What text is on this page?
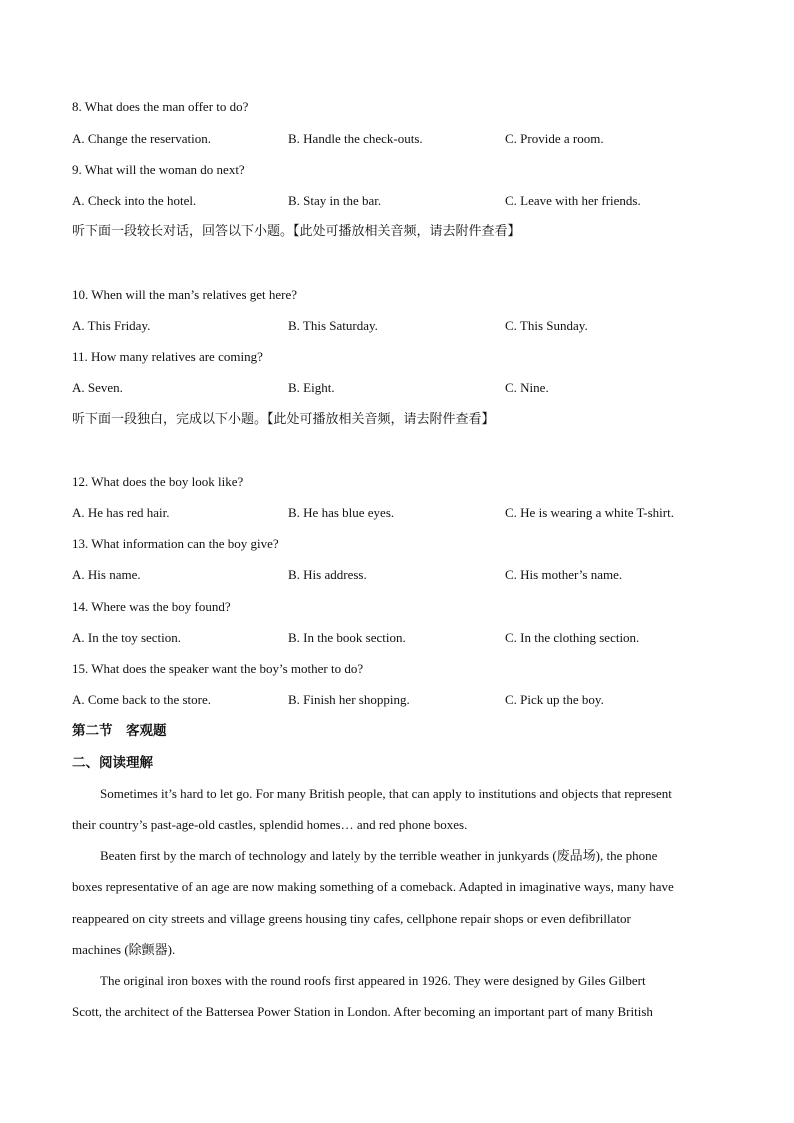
8. What does the man offer to do?
A. Change the reservation.	B. Handle the check-outs.	C. Provide a room.
9. What will the woman do next?
A. Check into the hotel.	B. Stay in the bar.	C. Leave with her friends.
听下面一段较长对话，回答以下小题。【此处可播放相关音频，请去附件查看】
10. When will the man’s relatives get here?
A. This Friday.	B. This Saturday.	C. This Sunday.
11. How many relatives are coming?
A. Seven.	B. Eight.	C. Nine.
听下面一段独白，完成以下小题。【此处可播放相关音频，请去附件查看】
12. What does the boy look like?
A. He has red hair.	B. He has blue eyes.	C. He is wearing a white T-shirt.
13. What information can the boy give?
A. His name.	B. His address.	C. His mother’s name.
14. Where was the boy found?
A. In the toy section.	B. In the book section.	C. In the clothing section.
15. What does the speaker want the boy’s mother to do?
A. Come back to the store.	B. Finish her shopping.	C. Pick up the boy.
第二节　客观题
二、阅读理解
Sometimes it’s hard to let go. For many British people, that can apply to institutions and objects that represent
their country’s past-age-old castles, splendid homes… and red phone boxes.
Beaten first by the march of technology and lately by the terrible weather in junkyards (废品场), the phone
boxes representative of an age are now making something of a comeback. Adapted in imaginative ways, many have
reappeared on city streets and village greens housing tiny cafes, cellphone repair shops or even defibrillator
machines (除颤器).
The original iron boxes with the round roofs first appeared in 1926. They were designed by Giles Gilbert
Scott, the architect of the Battersea Power Station in London. After becoming an important part of many British
